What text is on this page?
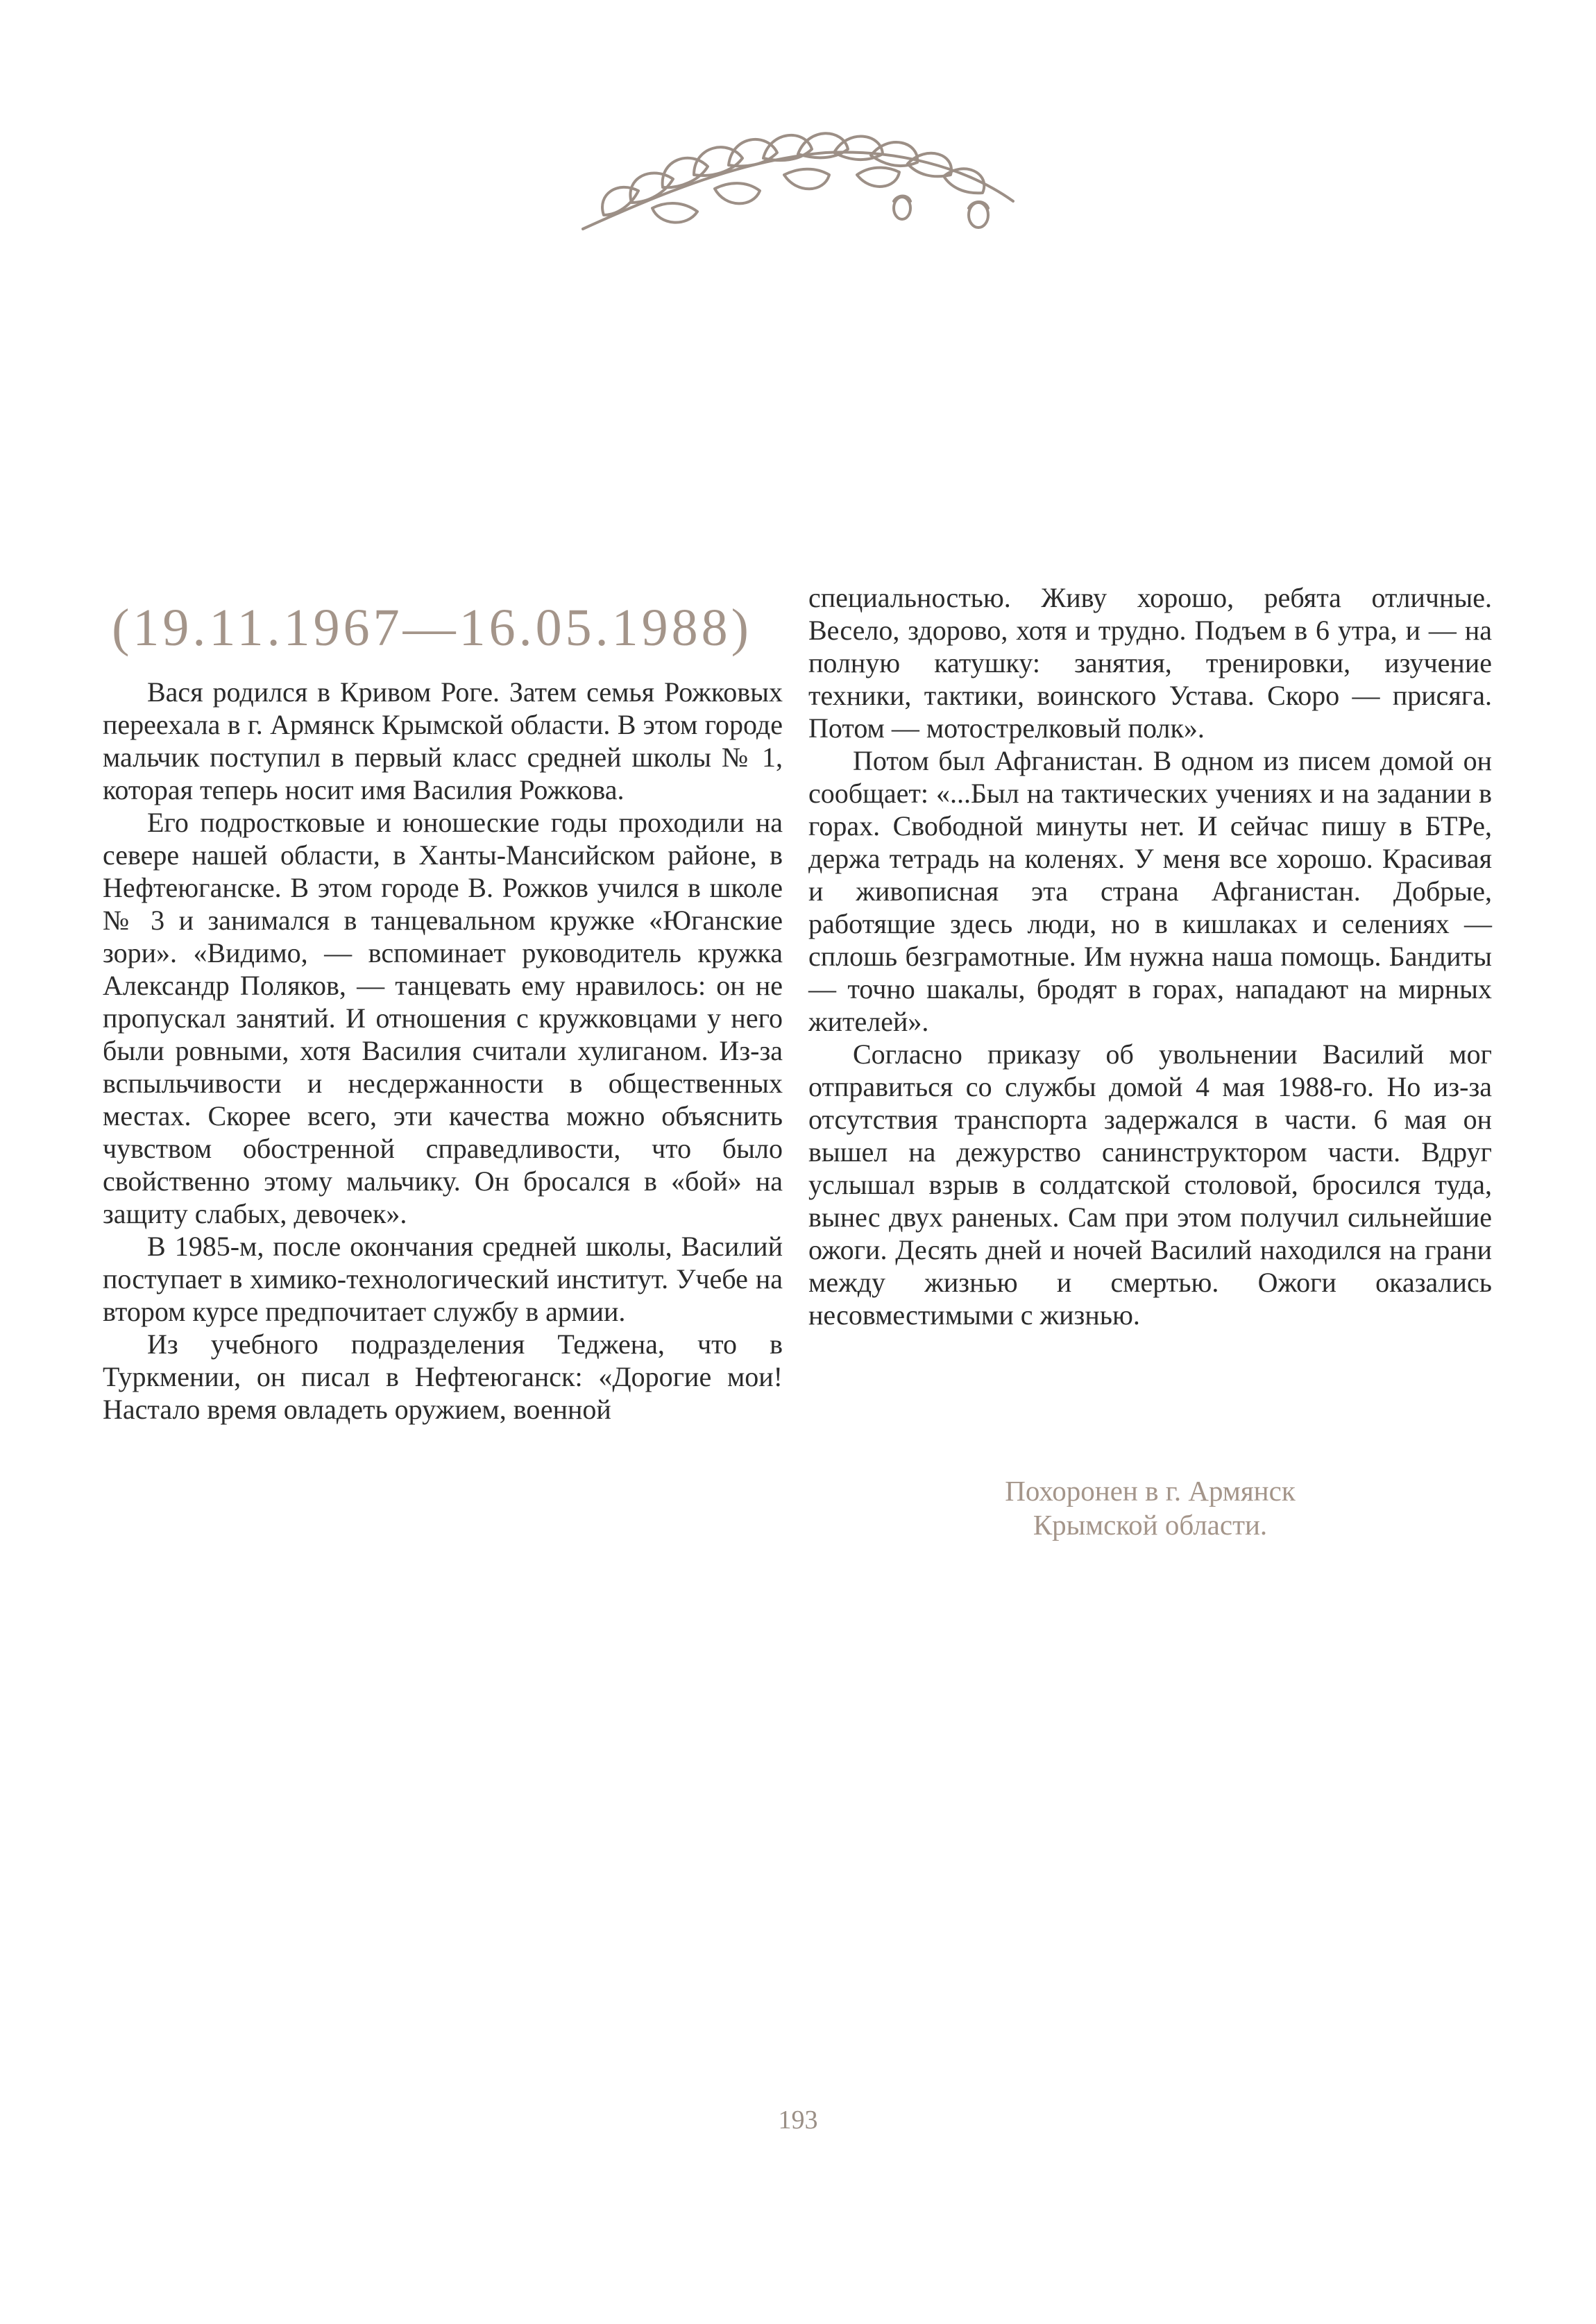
(19.11.1967—16.05.1988)

Вася родился в Кривом Роге. Затем семья Рожковых переехала в г. Армянск Крымской области. В этом городе мальчик поступил в первый класс средней школы № 1, которая теперь носит имя Василия Рожкова.

Его подростковые и юношеские годы проходили на севере нашей области, в Ханты-Мансийском районе, в Нефтеюганске. В этом городе В. Рожков учился в школе № 3 и занимался в танцевальном кружке «Юганские зори». «Видимо, — вспоминает руководитель кружка Александр Поляков, — танцевать ему нравилось: он не пропускал занятий. И отношения с кружковцами у него были ровными, хотя Василия считали хулиганом. Из-за вспыльчивости и несдержанности в общественных местах. Скорее всего, эти качества можно объяснить чувством обостренной справедливости, что было свойственно этому мальчику. Он бросался в «бой» на защиту слабых, девочек».

В 1985-м, после окончания средней школы, Василий поступает в химико-технологический институт. Учебе на втором курсе предпочитает службу в армии.

Из учебного подразделения Теджена, что в Туркмении, он писал в Нефтеюганск: «Дорогие мои! Настало время овладеть оружием, военной

специальностью. Живу хорошо, ребята отличные. Весело, здорово, хотя и трудно. Подъем в 6 утра, и — на полную катушку: занятия, тренировки, изучение техники, тактики, воинского Устава. Скоро — присяга. Потом — мотострелковый полк».

Потом был Афганистан. В одном из писем домой он сообщает: «...Был на тактических учениях и на задании в горах. Свободной минуты нет. И сейчас пишу в БТРе, держа тетрадь на коленях. У меня все хорошо. Красивая и живописная эта страна Афганистан. Добрые, работящие здесь люди, но в кишлаках и селениях — сплошь безграмотные. Им нужна наша помощь. Бандиты — точно шакалы, бродят в горах, нападают на мирных жителей».

Согласно приказу об увольнении Василий мог отправиться со службы домой 4 мая 1988-го. Но из-за отсутствия транспорта задержался в части. 6 мая он вышел на дежурство санинструктором части. Вдруг услышал взрыв в солдатской столовой, бросился туда, вынес двух раненых. Сам при этом получил сильнейшие ожоги. Десять дней и ночей Василий находился на грани между жизнью и смертью. Ожоги оказались несовместимыми с жизнью.

Похоронен в г. Армянск
Крымской области.
193
